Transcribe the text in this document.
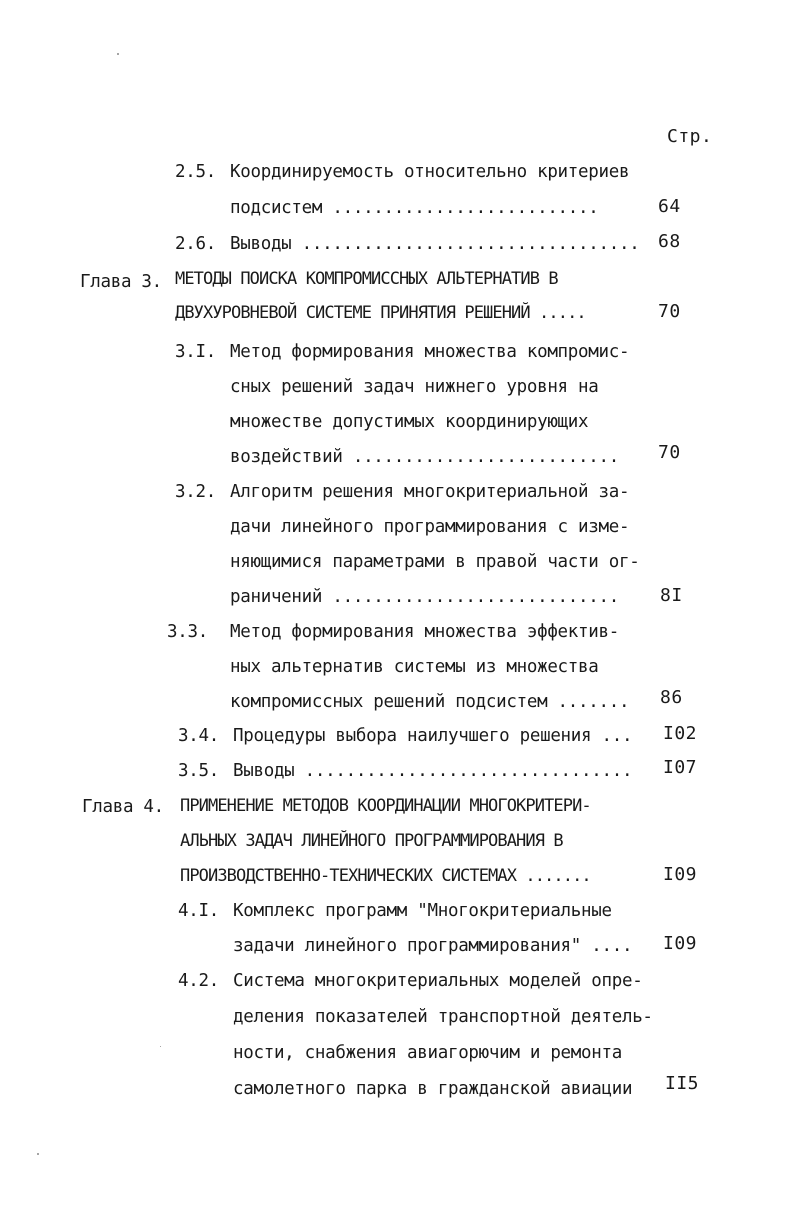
Стр.
2.5. Координируемость относительно критериев
подсистем ..........................	64
2.6. Выводы ................................. 68
Глава 3. МЕТОДЫ ПОИСКА КОМПРОМИССНЫХ АЛЬТЕРНАТИВ В
ДВУХУРОВНЕВОЙ СИСТЕМЕ ПРИНЯТИЯ РЕШЕНИЙ .....	70
3.I. Метод формирования множества компромис-
сных решений задач нижнего уровня на
множестве допустимых координирующих
воздействий .......................... 70
3.2. Алгоритм решения многокритериальной за-
дачи линейного программирования с изме-
няющимися параметрами в правой части ог-
раничений ............................ 8I
3.3. Метод формирования множества эффектив-
ных альтернатив системы из множества
компромиссных решений подсистем ....... 86
3.4. Процедуры выбора наилучшего решения ... I02
3.5. Выводы ................................ I07
Глава 4. ПРИМЕНЕНИЕ МЕТОДОВ КООРДИНАЦИИ МНОГОКРИТЕРИ-
АЛЬНЫХ ЗАДАЧ ЛИНЕЙНОГО ПРОГРАММИРОВАНИЯ В
ПРОИЗВОДСТВЕННО-ТЕХНИЧЕСКИХ СИСТЕМАХ .......	I09
4.I. Комплекс программ "Многокритериальные
задачи линейного программирования" .... I09
4.2. Система многокритериальных моделей опре-
деления показателей транспортной деятель-
ности, снабжения авиагорючим и ремонта
самолетного парка в гражданской авиации II5
